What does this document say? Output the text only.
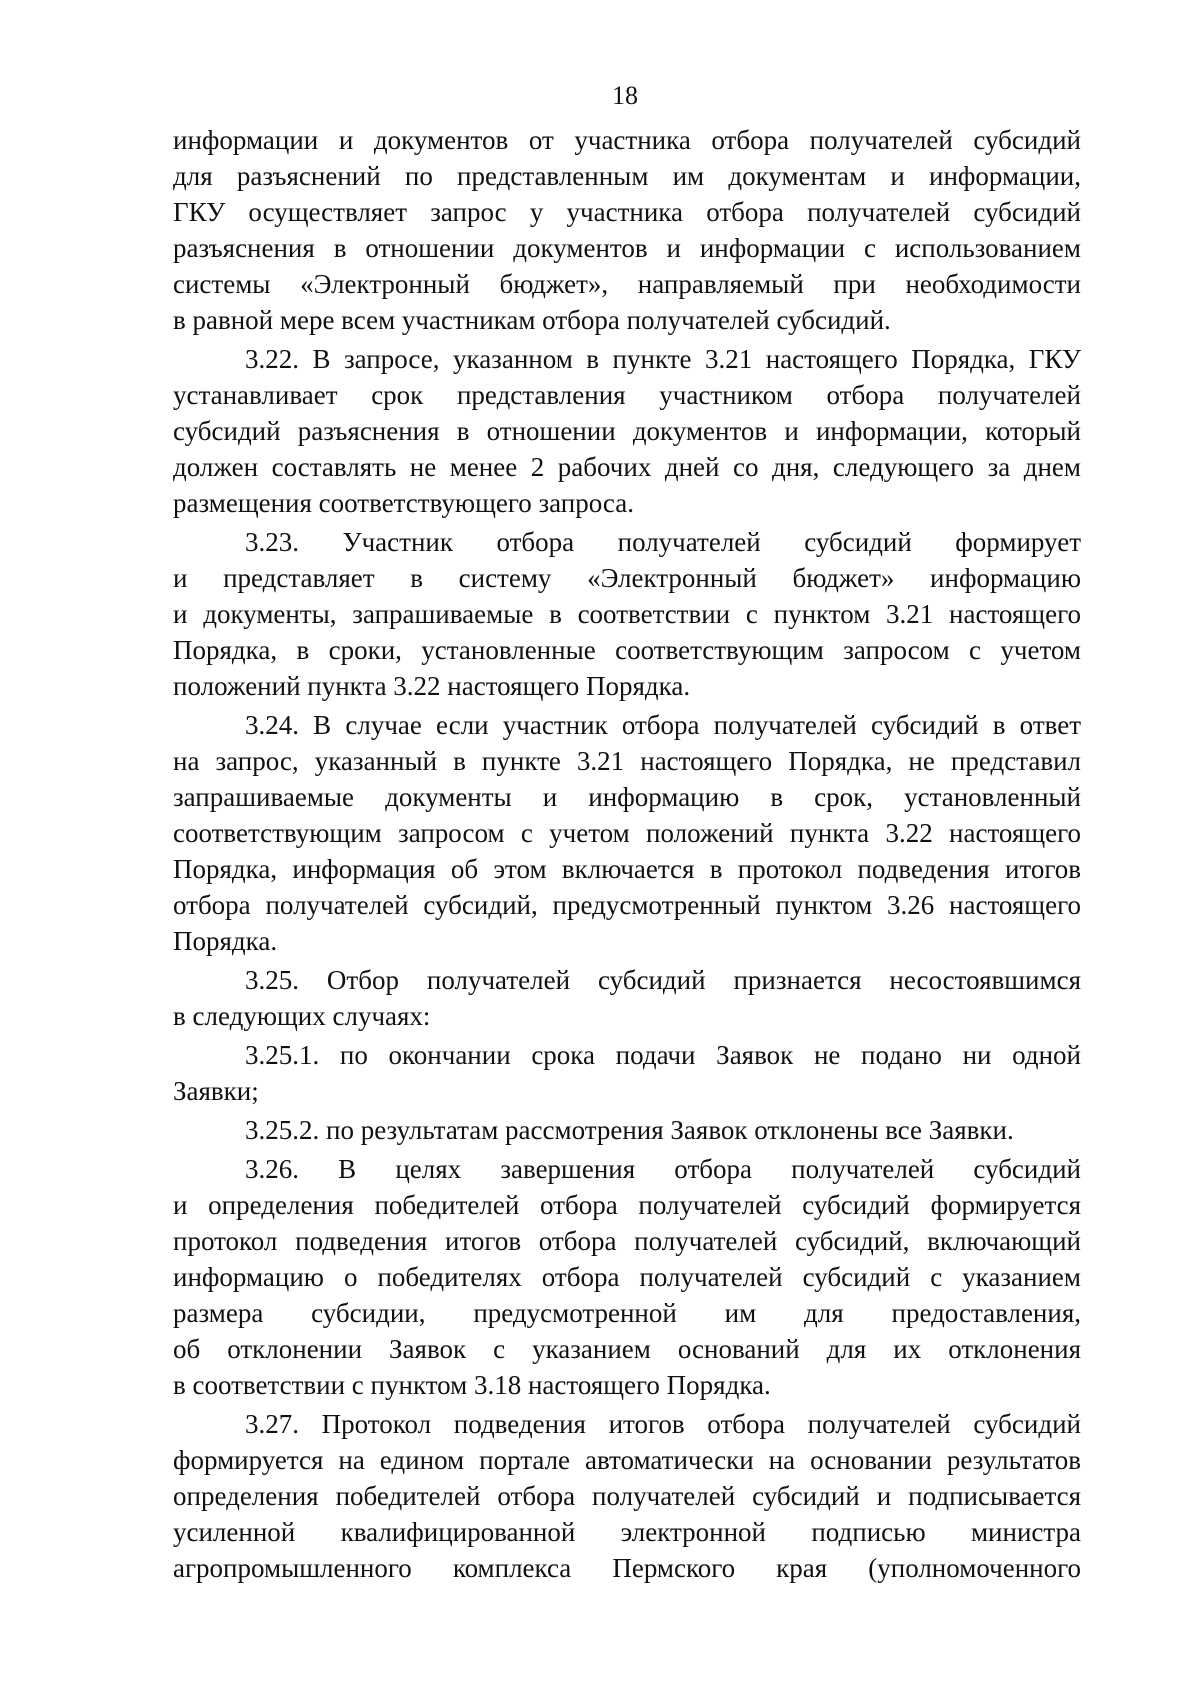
18
информации и документов от участника отбора получателей субсидий
для разъяснений по представленным им документам и информации,
ГКУ осуществляет запрос у участника отбора получателей субсидий
разъяснения в отношении документов и информации с использованием
системы «Электронный бюджет», направляемый при необходимости
в равной мере всем участникам отбора получателей субсидий.
3.22. В запросе, указанном в пункте 3.21 настоящего Порядка, ГКУ
устанавливает срок представления участником отбора получателей
субсидий разъяснения в отношении документов и информации, который
должен составлять не менее 2 рабочих дней со дня, следующего за днем
размещения соответствующего запроса.
3.23. Участник отбора получателей субсидий формирует
и представляет в систему «Электронный бюджет» информацию
и документы, запрашиваемые в соответствии с пунктом 3.21 настоящего
Порядка, в сроки, установленные соответствующим запросом с учетом
положений пункта 3.22 настоящего Порядка.
3.24. В случае если участник отбора получателей субсидий в ответ
на запрос, указанный в пункте 3.21 настоящего Порядка, не представил
запрашиваемые документы и информацию в срок, установленный
соответствующим запросом с учетом положений пункта 3.22 настоящего
Порядка, информация об этом включается в протокол подведения итогов
отбора получателей субсидий, предусмотренный пунктом 3.26 настоящего
Порядка.
3.25. Отбор получателей субсидий признается несостоявшимся
в следующих случаях:
3.25.1. по окончании срока подачи Заявок не подано ни одной
Заявки;
3.25.2. по результатам рассмотрения Заявок отклонены все Заявки.
3.26. В целях завершения отбора получателей субсидий
и определения победителей отбора получателей субсидий формируется
протокол подведения итогов отбора получателей субсидий, включающий
информацию о победителях отбора получателей субсидий с указанием
размера субсидии, предусмотренной им для предоставления,
об отклонении Заявок с указанием оснований для их отклонения
в соответствии с пунктом 3.18 настоящего Порядка.
3.27. Протокол подведения итогов отбора получателей субсидий
формируется на едином портале автоматически на основании результатов
определения победителей отбора получателей субсидий и подписывается
усиленной квалифицированной электронной подписью министра
агропромышленного комплекса Пермского края (уполномоченного
